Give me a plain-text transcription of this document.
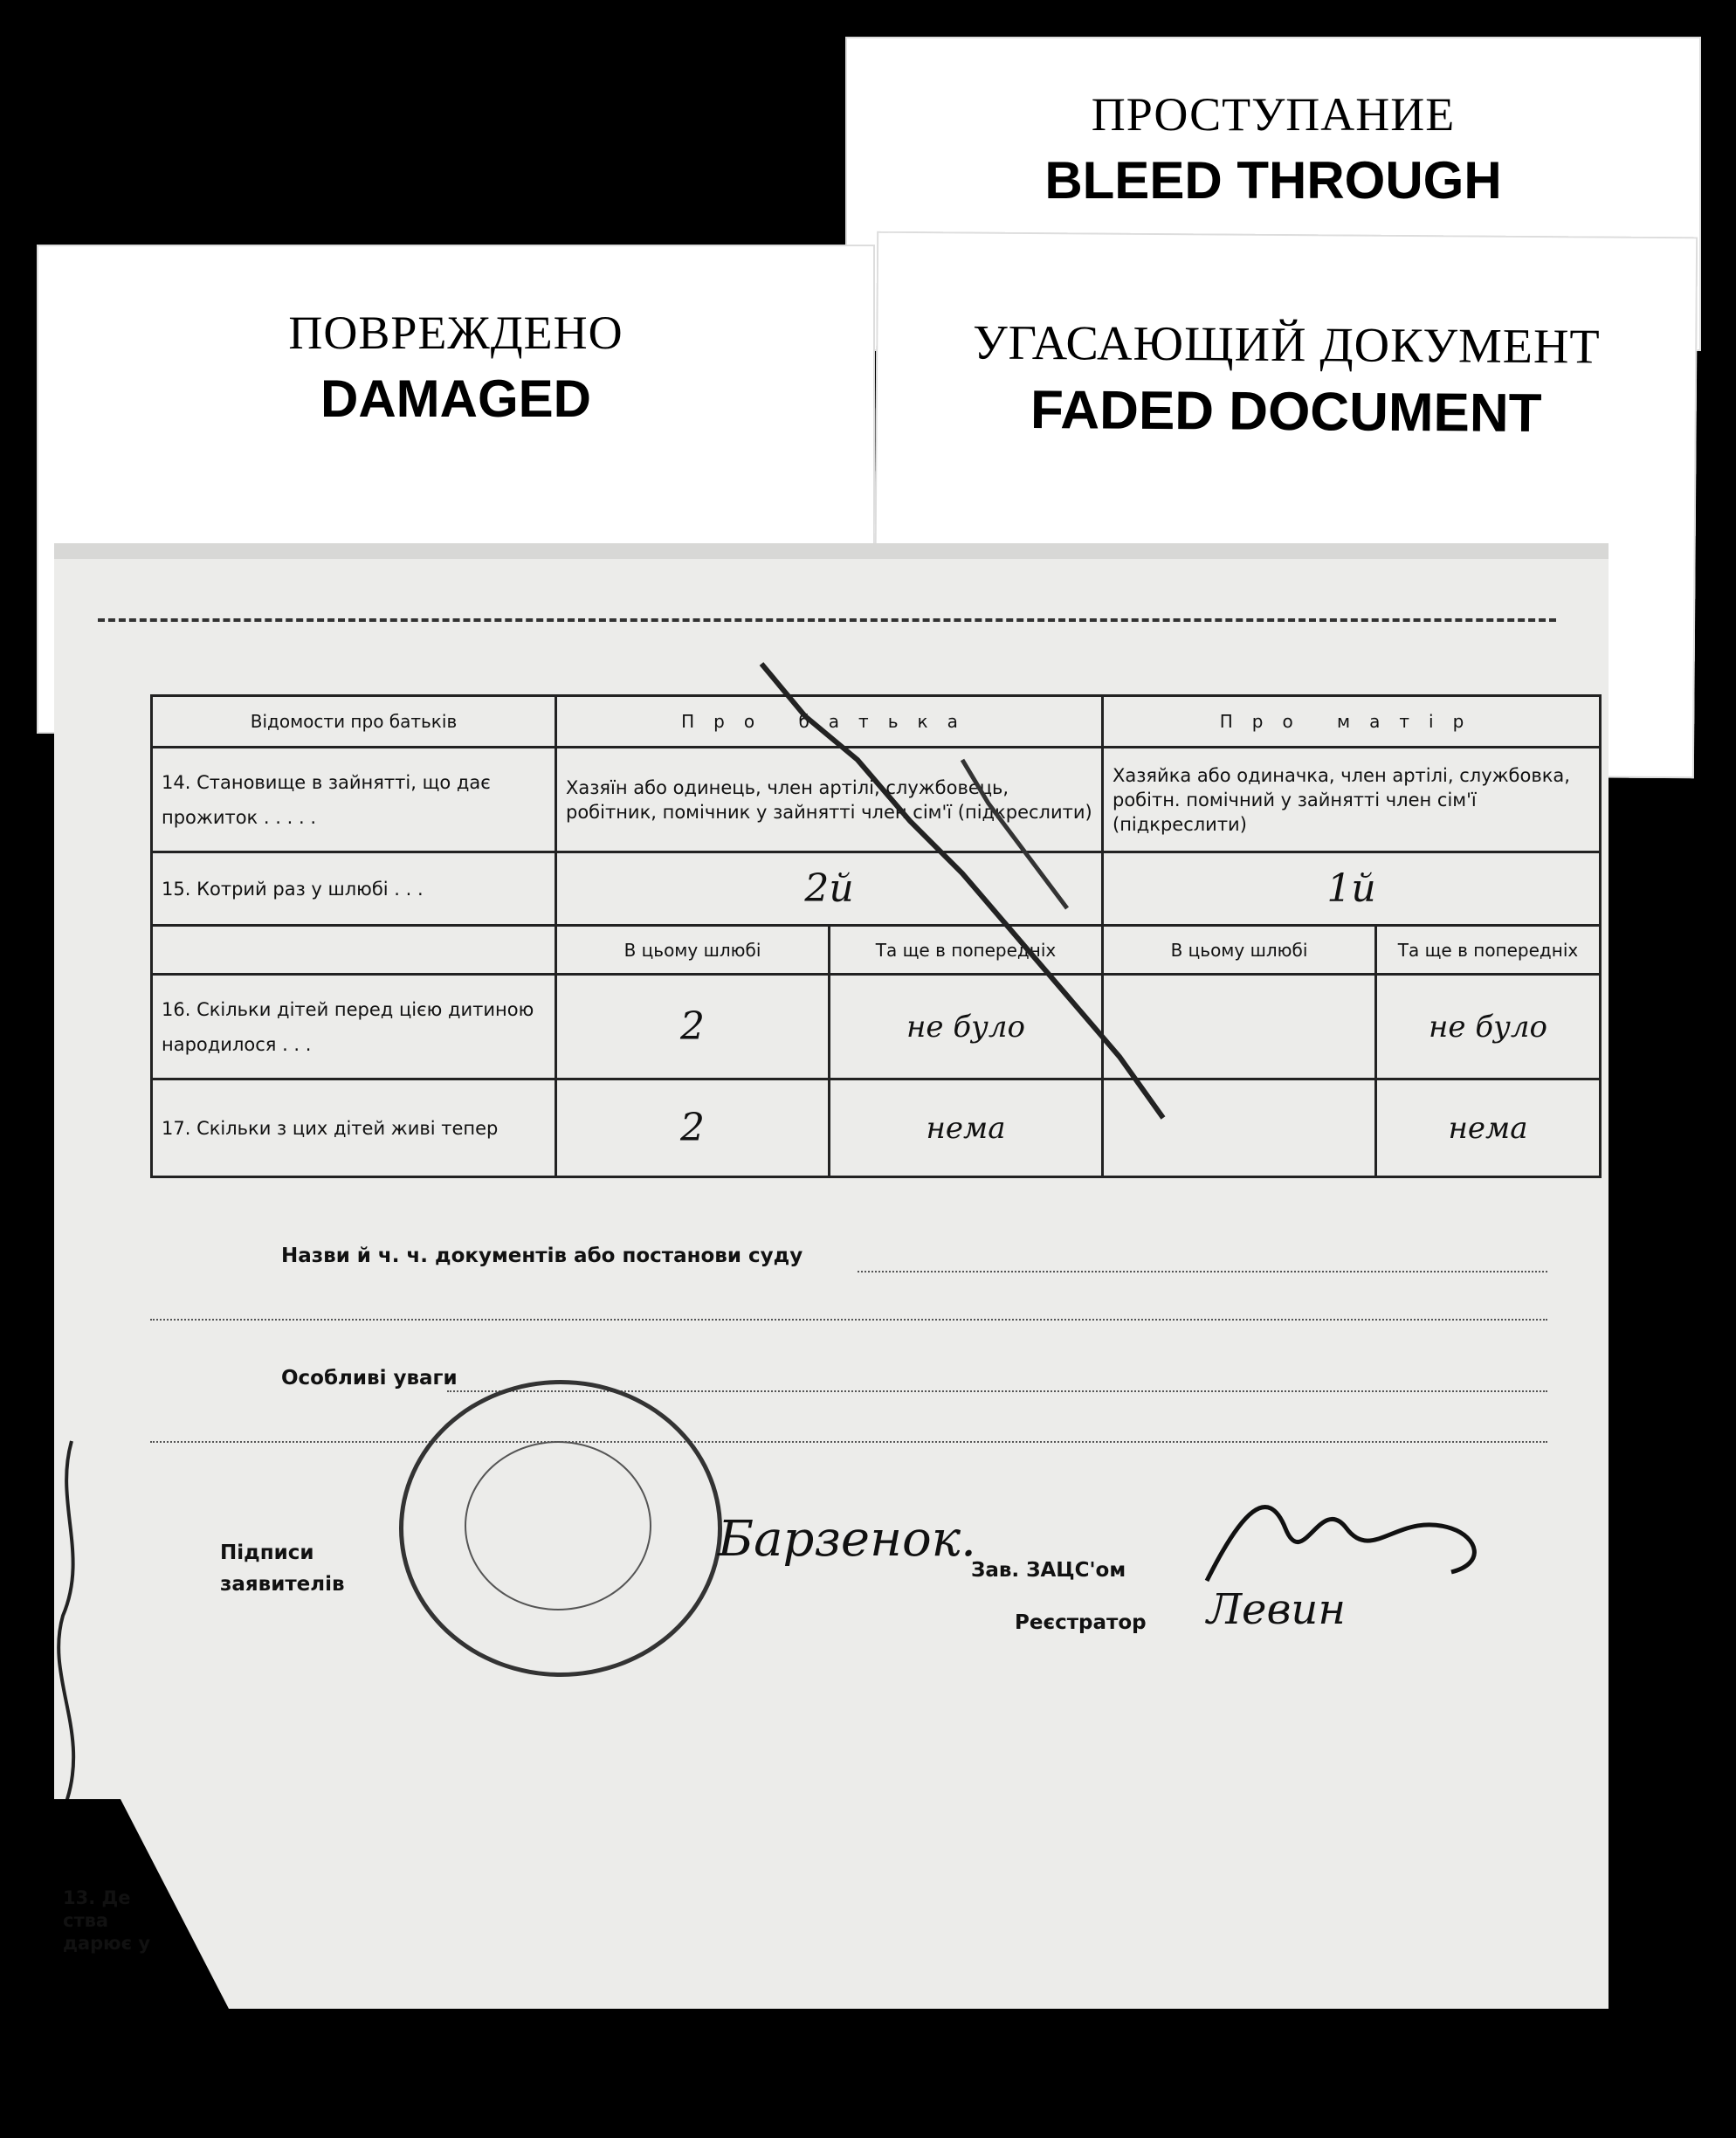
ПРОСТУПАНИЕ
BLEED THROUGH
ПОВРЕЖДЕНО
DAMAGED
УГАСАЮЩИЙ ДОКУМЕНТ
FADED DOCUMENT
Відомости про батьків	Про батька		Про матір	
14. Становище в зайнятті, що дає прожиток . . . . .	Хазяїн або одинець, член артілі, службовець, робітник, помічник у зайнятті член сім'ї (підкреслити)		Хазяйка або одиначка, член артілі, службовка, робітн. помічний у зайнятті член сім'ї (підкреслити)	
15. Котрий раз у шлюбі . . .	2й		1й	
	В цьому шлюбі	Та ще в попередніх	В цьому шлюбі	Та ще в попередніх
16. Скільки дітей перед цією дитиною народилося . . .	2	не було		не було
17. Скільки з цих дітей живі тепер	2	нема		нема
Назви й ч. ч. документів або постанови суду
Особливі уваги
Підписи
заявителів
Барзенок.
Зав. ЗАЦС'ом
Реєстратор	Левин
13. Де
ства
дарює у
